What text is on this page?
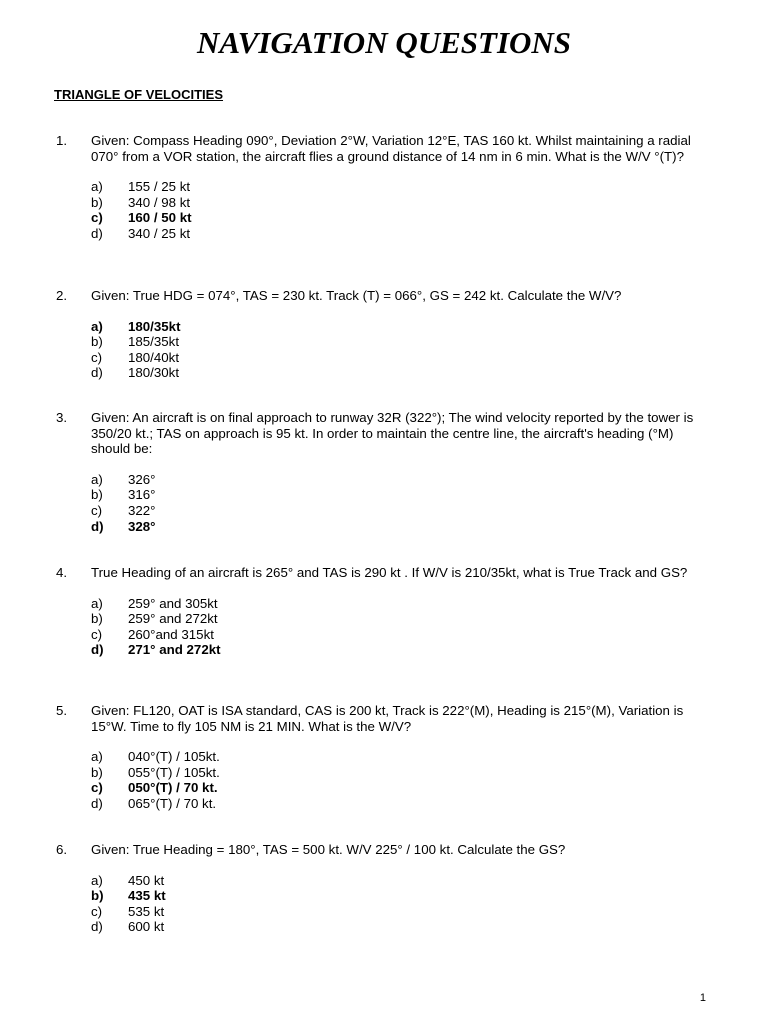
NAVIGATION QUESTIONS
TRIANGLE OF VELOCITIES
1. Given: Compass Heading 090°, Deviation 2°W, Variation 12°E, TAS 160 kt. Whilst maintaining a radial 070° from a VOR station, the aircraft flies a ground distance of 14 nm in 6 min. What is the W/V °(T)?
a) 155 / 25 kt
b) 340 / 98 kt
c) 160 / 50 kt
d) 340 / 25 kt
2. Given: True HDG = 074°, TAS = 230 kt. Track (T) = 066°, GS = 242 kt. Calculate the W/V?
a) 180/35kt
b) 185/35kt
c) 180/40kt
d) 180/30kt
3. Given: An aircraft is on final approach to runway 32R (322°); The wind velocity reported by the tower is 350/20 kt.; TAS on approach is 95 kt. In order to maintain the centre line, the aircraft's heading (°M) should be:
a) 326°
b) 316°
c) 322°
d) 328°
4. True Heading of an aircraft is 265° and TAS is 290 kt . If W/V is 210/35kt, what is True Track and GS?
a) 259° and 305kt
b) 259° and 272kt
c) 260°and 315kt
d) 271° and 272kt
5. Given: FL120, OAT is ISA standard, CAS is 200 kt, Track is 222°(M), Heading is 215°(M), Variation is 15°W. Time to fly 105 NM is 21 MIN. What is the W/V?
a) 040°(T) / 105kt.
b) 055°(T) / 105kt.
c) 050°(T) / 70 kt.
d) 065°(T) / 70 kt.
6. Given: True Heading = 180°, TAS = 500 kt. W/V 225° / 100 kt. Calculate the GS?
a) 450 kt
b) 435 kt
c) 535 kt
d) 600 kt
1
